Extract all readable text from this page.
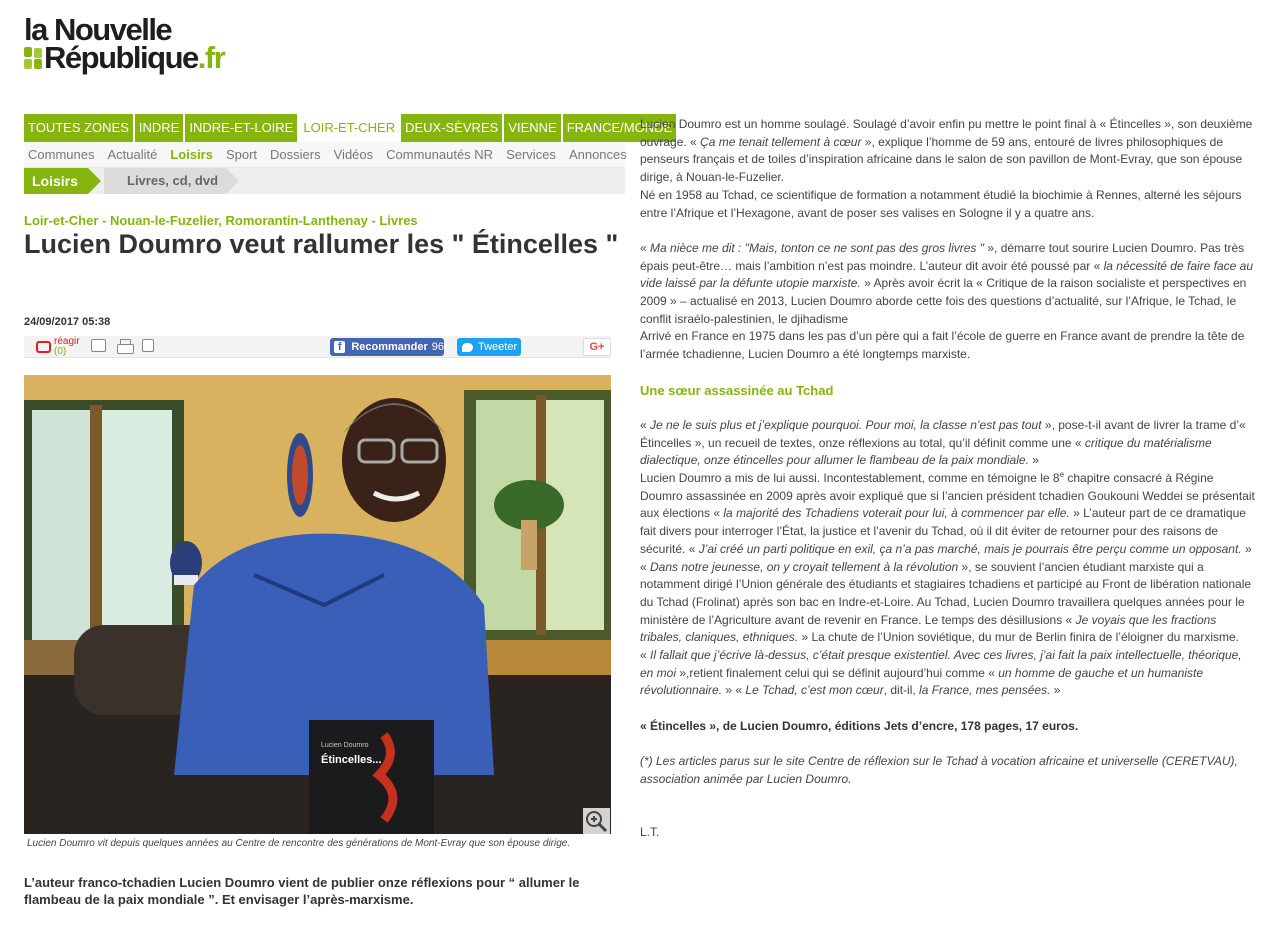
la Nouvelle
République .fr
TOUTES ZONES INDRE INDRE-ET-LOIRE LOIR-ET-CHER DEUX-SÈVRES VIENNE FRANCE/MONDE
Communes	Actualité	Loisirs	Sport	Dossiers	Vidéos	Communautés NR	Services	Annonces
Livres, cd, dvd
Loisirs
Loir-et-Cher - Nouan-le-Fuzelier, Romorantin-Lanthenay - Livres
Lucien Doumro veut rallumer les " Étincelles "
24/09/2017 05:38
réagir
(0)	f Recommander 96	Tweeter	G+
Lucien Doumro
Étincelles...
Lucien Doumro vit depuis quelques années au Centre de rencontre des générations de Mont-Evray que son épouse dirige.
L’auteur franco-tchadien Lucien Doumro vient de publier onze réflexions pour “ allumer le flambeau de la paix mondiale ”. Et envisager l’après-marxisme.

Lucien Doumro est un homme soulagé. Soulagé d’avoir enfin pu mettre le point final à « Étincelles », son deuxième ouvrage. « Ça me tenait tellement à cœur », explique l’homme de 59 ans, entouré de livres philosophiques de penseurs français et de toiles d’inspiration africaine dans le salon de son pavillon de Mont-Evray, que son épouse dirige, à Nouan-le-Fuzelier.

Né en 1958 au Tchad, ce scientifique de formation a notamment étudié la biochimie à Rennes, alterné les séjours entre l’Afrique et l’Hexagone, avant de poser ses valises en Sologne il y a quatre ans.

« Ma nièce me dit : "Mais, tonton ce ne sont pas des gros livres " », démarre tout sourire Lucien Doumro. Pas très épais peut-être… mais l’ambition n’est pas moindre. L’auteur dit avoir été poussé par « la nécessité de faire face au vide laissé par la défunte utopie marxiste. » Après avoir écrit la « Critique de la raison socialiste et perspectives en 2009 » – actualisé en 2013, Lucien Doumro aborde cette fois des questions d’actualité, sur l’Afrique, le Tchad, le conflit israélo-palestinien, le djihadisme

Arrivé en France en 1975 dans les pas d’un père qui a fait l’école de guerre en France avant de prendre la tête de l’armée tchadienne, Lucien Doumro a été longtemps marxiste.

Une sœur assassinée au Tchad

« Je ne le suis plus et j’explique pourquoi. Pour moi, la classe n’est pas tout », pose-t-il avant de livrer la trame d’« Étincelles », un recueil de textes, onze réflexions au total, qu’il définit comme une « critique du matérialisme dialectique, onze étincelles pour allumer le flambeau de la paix mondiale. »

Lucien Doumro a mis de lui aussi. Incontestablement, comme en témoigne le 8e chapitre consacré à Régine Doumro assassinée en 2009 après avoir expliqué que si l’ancien président tchadien Goukouni Weddei se présentait aux élections « la majorité des Tchadiens voterait pour lui, à commencer par elle. » L’auteur part de ce dramatique fait divers pour interroger l’État, la justice et l’avenir du Tchad, où il dit éviter de retourner pour des raisons de sécurité. « J’ai créé un parti politique en exil, ça n’a pas marché, mais je pourrais être perçu comme un opposant. » « Dans notre jeunesse, on y croyait tellement à la révolution », se souvient l’ancien étudiant marxiste qui a notamment dirigé l’Union générale des étudiants et stagiaires tchadiens et participé au Front de libération nationale du Tchad (Frolinat) après son bac en Indre-et-Loire. Au Tchad, Lucien Doumro travaillera quelques années pour le ministère de l’Agriculture avant de revenir en France. Le temps des désillusions « Je voyais que les fractions tribales, claniques, ethniques. » La chute de l’Union soviétique, du mur de Berlin finira de l’éloigner du marxisme.

« Il fallait que j’écrive là-dessus, c’était presque existentiel. Avec ces livres, j’ai fait la paix intellectuelle, théorique, en moi »,retient finalement celui qui se définit aujourd’hui comme « un homme de gauche et un humaniste révolutionnaire. » « Le Tchad, c’est mon cœur, dit-il, la France, mes pensées. »

« Étincelles », de Lucien Doumro, éditions Jets d’encre, 178 pages, 17 euros.

(*) Les articles parus sur le site Centre de réflexion sur le Tchad à vocation africaine et universelle (CERETVAU), association animée par Lucien Doumro.

L.T.
